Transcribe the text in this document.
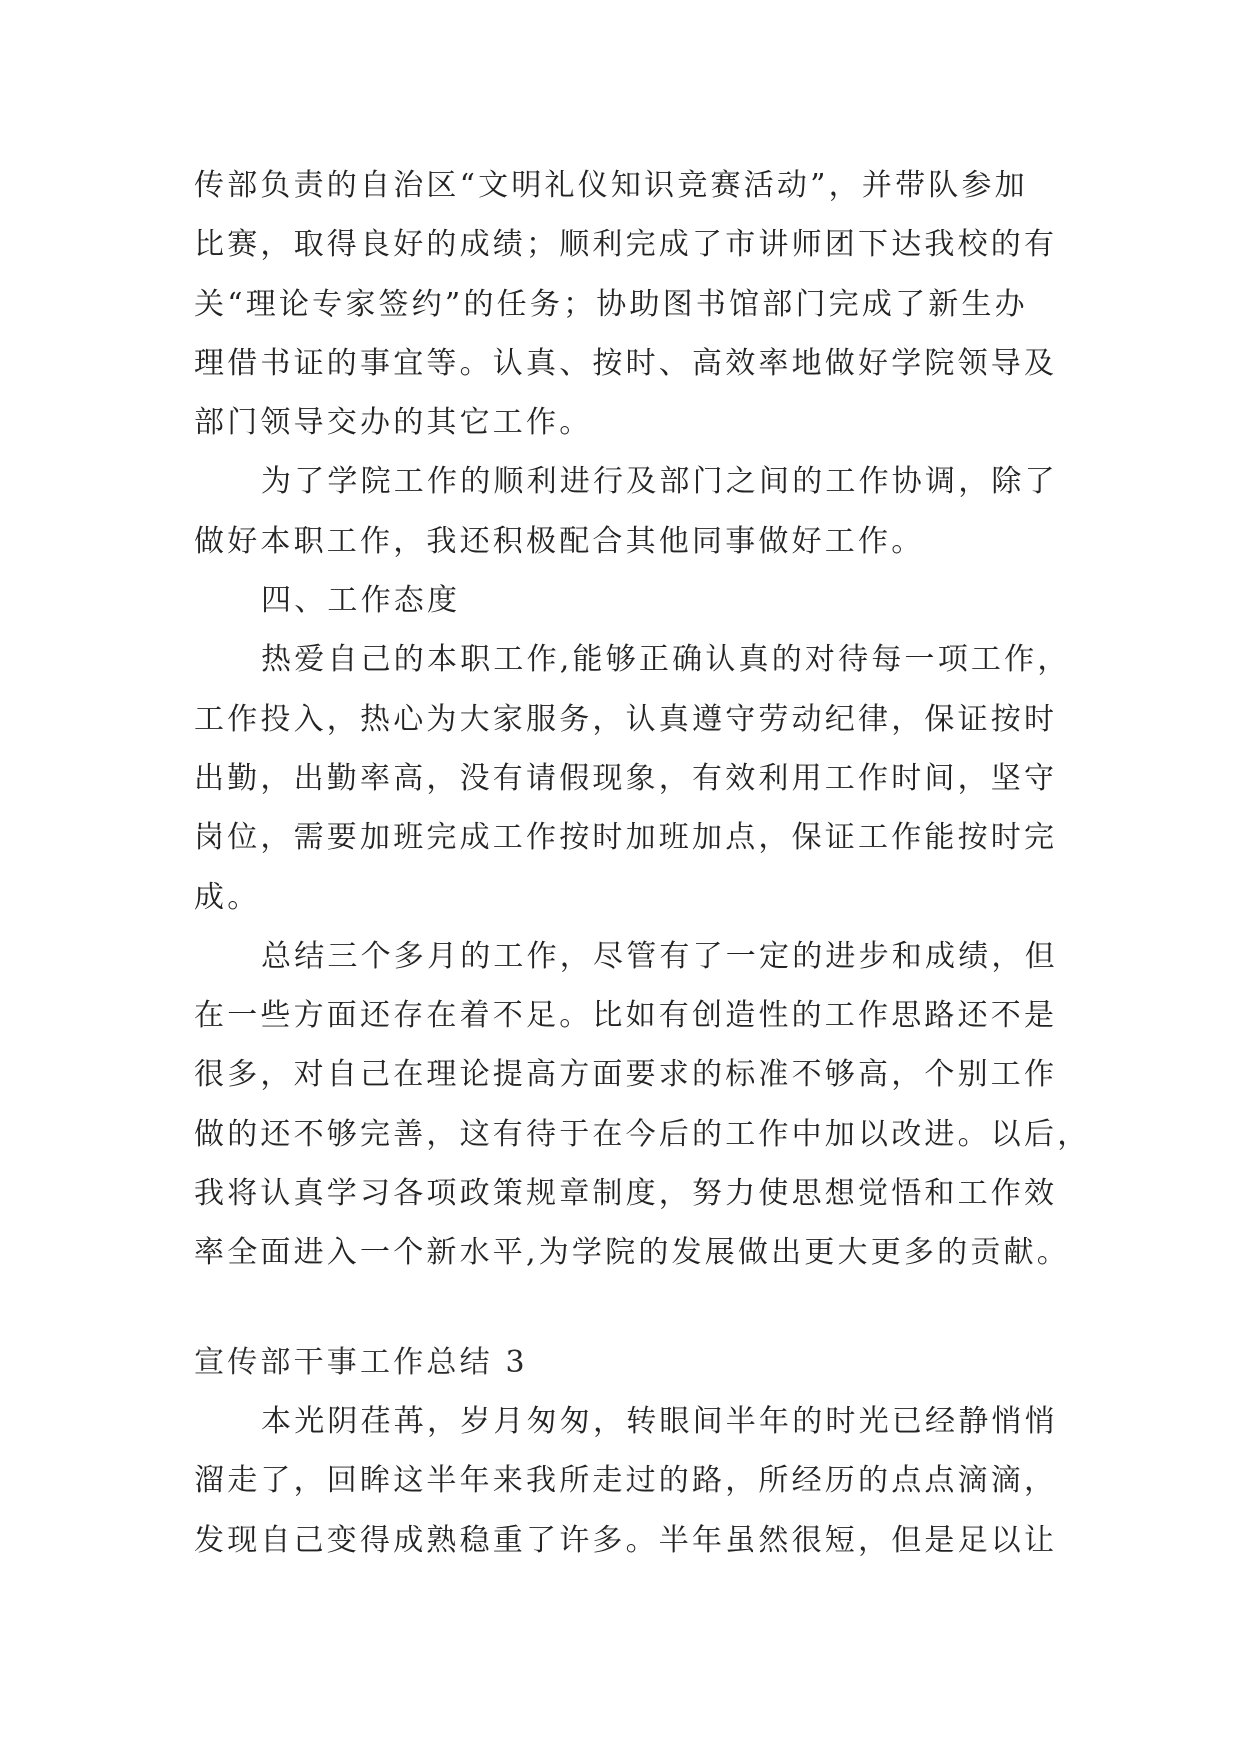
传部负责的自治区“文明礼仪知识竞赛活动”，并带队参加
比赛，取得良好的成绩；顺利完成了市讲师团下达我校的有
关“理论专家签约”的任务；协助图书馆部门完成了新生办
理借书证的事宜等。认真、按时、高效率地做好学院领导及
部门领导交办的其它工作。
为了学院工作的顺利进行及部门之间的工作协调，除了
做好本职工作，我还积极配合其他同事做好工作。
四、工作态度
热爱自己的本职工作,能够正确认真的对待每一项工作，
工作投入，热心为大家服务，认真遵守劳动纪律，保证按时
出勤，出勤率高，没有请假现象，有效利用工作时间，坚守
岗位，需要加班完成工作按时加班加点，保证工作能按时完
成。
总结三个多月的工作，尽管有了一定的进步和成绩，但
在一些方面还存在着不足。比如有创造性的工作思路还不是
很多，对自己在理论提高方面要求的标准不够高，个别工作
做的还不够完善，这有待于在今后的工作中加以改进。以后，
我将认真学习各项政策规章制度，努力使思想觉悟和工作效
率全面进入一个新水平,为学院的发展做出更大更多的贡献。
宣传部干事工作总结 3
本光阴荏苒，岁月匆匆，转眼间半年的时光已经静悄悄
溜走了，回眸这半年来我所走过的路，所经历的点点滴滴，
发现自己变得成熟稳重了许多。半年虽然很短，但是足以让
